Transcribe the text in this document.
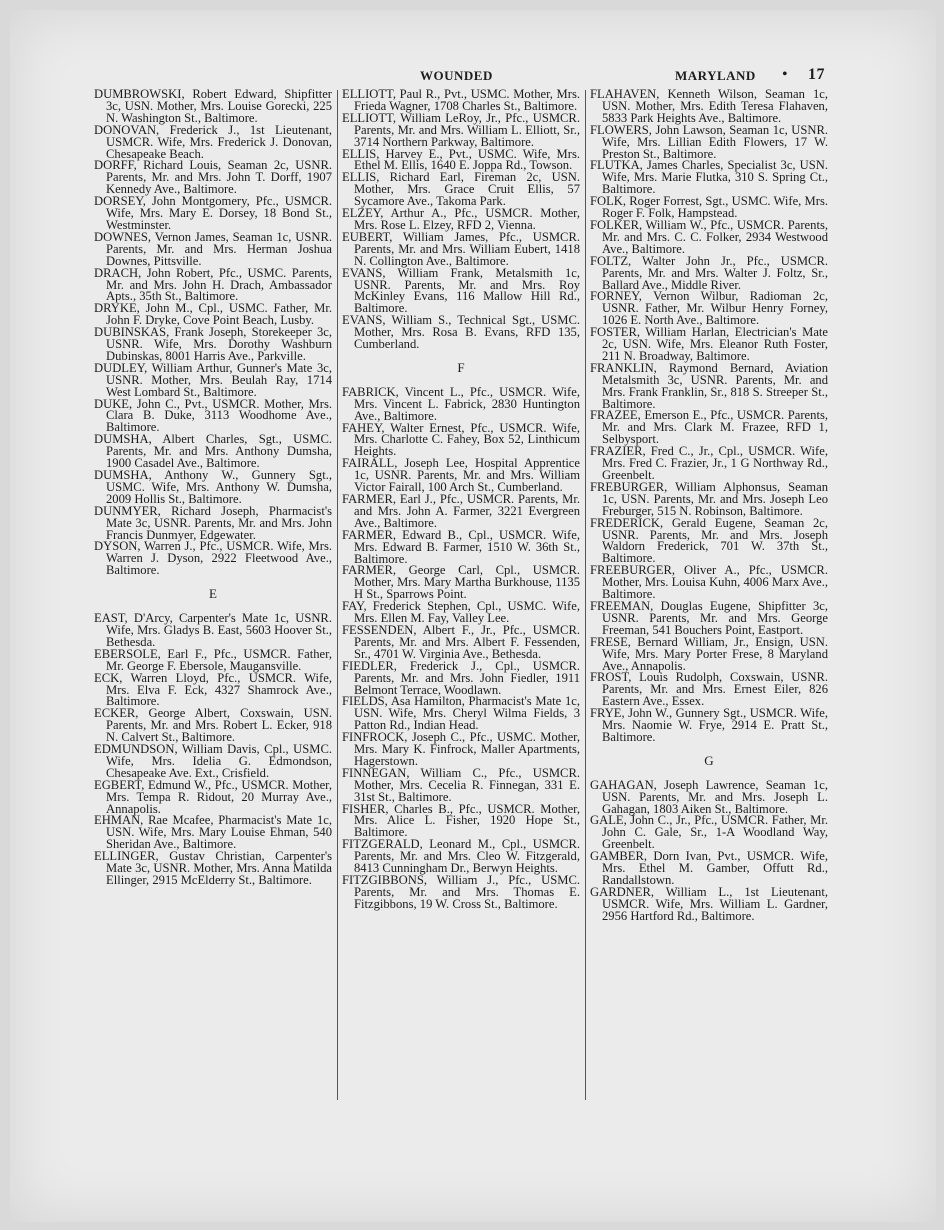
WOUNDED	MARYLAND • 17

DUMBROWSKI, Robert Edward, Shipfitter 3c, USN. Mother, Mrs. Louise Gorecki, 225 N. Washington St., Baltimore.

DONOVAN, Frederick J., 1st Lieutenant, USMCR. Wife, Mrs. Frederick J. Donovan, Chesapeake Beach.

DORFF, Richard Louis, Seaman 2c, USNR. Parents, Mr. and Mrs. John T. Dorff, 1907 Kennedy Ave., Baltimore.

DORSEY, John Montgomery, Pfc., USMCR. Wife, Mrs. Mary E. Dorsey, 18 Bond St., Westminster.

DOWNES, Vernon James, Seaman 1c, USNR. Parents, Mr. and Mrs. Herman Joshua Downes, Pittsville.

DRACH, John Robert, Pfc., USMC. Parents, Mr. and Mrs. John H. Drach, Ambassador Apts., 35th St., Baltimore.

DRYKE, John M., Cpl., USMC. Father, Mr. John F. Dryke, Cove Point Beach, Lusby.

DUBINSKAS, Frank Joseph, Storekeeper 3c, USNR. Wife, Mrs. Dorothy Washburn Dubinskas, 8001 Harris Ave., Parkville.

DUDLEY, William Arthur, Gunner's Mate 3c, USNR. Mother, Mrs. Beulah Ray, 1714 West Lombard St., Baltimore.

DUKE, John C., Pvt., USMCR. Mother, Mrs. Clara B. Duke, 3113 Woodhome Ave., Baltimore.

DUMSHA, Albert Charles, Sgt., USMC. Parents, Mr. and Mrs. Anthony Dumsha, 1900 Casadel Ave., Baltimore.

DUMSHA, Anthony W., Gunnery Sgt., USMC. Wife, Mrs. Anthony W. Dumsha, 2009 Hollis St., Baltimore.

DUNMYER, Richard Joseph, Pharmacist's Mate 3c, USNR. Parents, Mr. and Mrs. John Francis Dunmyer, Edgewater.

DYSON, Warren J., Pfc., USMCR. Wife, Mrs. Warren J. Dyson, 2922 Fleetwood Ave., Baltimore.

E

EAST, D'Arcy, Carpenter's Mate 1c, USNR. Wife, Mrs. Gladys B. East, 5603 Hoover St., Bethesda.

EBERSOLE, Earl F., Pfc., USMCR. Father, Mr. George F. Ebersole, Maugansville.

ECK, Warren Lloyd, Pfc., USMCR. Wife, Mrs. Elva F. Eck, 4327 Shamrock Ave., Baltimore.

ECKER, George Albert, Coxswain, USN. Parents, Mr. and Mrs. Robert L. Ecker, 918 N. Calvert St., Baltimore.

EDMUNDSON, William Davis, Cpl., USMC. Wife, Mrs. Idelia G. Edmondson, Chesapeake Ave. Ext., Crisfield.

EGBERT, Edmund W., Pfc., USMCR. Mother, Mrs. Tempa R. Ridout, 20 Murray Ave., Annapolis.

EHMAN, Rae Mcafee, Pharmacist's Mate 1c, USN. Wife, Mrs. Mary Louise Ehman, 540 Sheridan Ave., Baltimore.

ELLINGER, Gustav Christian, Carpenter's Mate 3c, USNR. Mother, Mrs. Anna Matilda Ellinger, 2915 McElderry St., Baltimore.

ELLIOTT, Paul R., Pvt., USMC. Mother, Mrs. Frieda Wagner, 1708 Charles St., Baltimore.

ELLIOTT, William LeRoy, Jr., Pfc., USMCR. Parents, Mr. and Mrs. William L. Elliott, Sr., 3714 Northern Parkway, Baltimore.

ELLIS, Harvey E., Pvt., USMC. Wife, Mrs. Ethel M. Ellis, 1640 E. Joppa Rd., Towson.

ELLIS, Richard Earl, Fireman 2c, USN. Mother, Mrs. Grace Cruit Ellis, 57 Sycamore Ave., Takoma Park.

ELZEY, Arthur A., Pfc., USMCR. Mother, Mrs. Rose L. Elzey, RFD 2, Vienna.

EUBERT, William James, Pfc., USMCR. Parents, Mr. and Mrs. William Eubert, 1418 N. Collington Ave., Baltimore.

EVANS, William Frank, Metalsmith 1c, USNR. Parents, Mr. and Mrs. Roy McKinley Evans, 116 Mallow Hill Rd., Baltimore.

EVANS, William S., Technical Sgt., USMC. Mother, Mrs. Rosa B. Evans, RFD 135, Cumberland.

F

FABRICK, Vincent L., Pfc., USMCR. Wife, Mrs. Vincent L. Fabrick, 2830 Huntington Ave., Baltimore.

FAHEY, Walter Ernest, Pfc., USMCR. Wife, Mrs. Charlotte C. Fahey, Box 52, Linthicum Heights.

FAIRALL, Joseph Lee, Hospital Apprentice 1c, USNR. Parents, Mr. and Mrs. William Victor Fairall, 100 Arch St., Cumberland.

FARMER, Earl J., Pfc., USMCR. Parents, Mr. and Mrs. John A. Farmer, 3221 Evergreen Ave., Baltimore.

FARMER, Edward B., Cpl., USMCR. Wife, Mrs. Edward B. Farmer, 1510 W. 36th St., Baltimore.

FARMER, George Carl, Cpl., USMCR. Mother, Mrs. Mary Martha Burkhouse, 1135 H St., Sparrows Point.

FAY, Frederick Stephen, Cpl., USMC. Wife, Mrs. Ellen M. Fay, Valley Lee.

FESSENDEN, Albert F., Jr., Pfc., USMCR. Parents, Mr. and Mrs. Albert F. Fessenden, Sr., 4701 W. Virginia Ave., Bethesda.

FIEDLER, Frederick J., Cpl., USMCR. Parents, Mr. and Mrs. John Fiedler, 1911 Belmont Terrace, Woodlawn.

FIELDS, Asa Hamilton, Pharmacist's Mate 1c, USN. Wife, Mrs. Cheryl Wilma Fields, 3 Patton Rd., Indian Head.

FINFROCK, Joseph C., Pfc., USMC. Mother, Mrs. Mary K. Finfrock, Maller Apartments, Hagerstown.

FINNEGAN, William C., Pfc., USMCR. Mother, Mrs. Cecelia R. Finnegan, 331 E. 31st St., Baltimore.

FISHER, Charles B., Pfc., USMCR. Mother, Mrs. Alice L. Fisher, 1920 Hope St., Baltimore.

FITZGERALD, Leonard M., Cpl., USMCR. Parents, Mr. and Mrs. Cleo W. Fitzgerald, 8413 Cunningham Dr., Berwyn Heights.

FITZGIBBONS, William J., Pfc., USMC. Parents, Mr. and Mrs. Thomas E. Fitzgibbons, 19 W. Cross St., Baltimore.

FLAHAVEN, Kenneth Wilson, Seaman 1c, USN. Mother, Mrs. Edith Teresa Flahaven, 5833 Park Heights Ave., Baltimore.

FLOWERS, John Lawson, Seaman 1c, USNR. Wife, Mrs. Lillian Edith Flowers, 17 W. Preston St., Baltimore.

FLUTKA, James Charles, Specialist 3c, USN. Wife, Mrs. Marie Flutka, 310 S. Spring Ct., Baltimore.

FOLK, Roger Forrest, Sgt., USMC. Wife, Mrs. Roger F. Folk, Hampstead.

FOLKER, William W., Pfc., USMCR. Parents, Mr. and Mrs. C. C. Folker, 2934 Westwood Ave., Baltimore.

FOLTZ, Walter John Jr., Pfc., USMCR. Parents, Mr. and Mrs. Walter J. Foltz, Sr., Ballard Ave., Middle River.

FORNEY, Vernon Wilbur, Radioman 2c, USNR. Father, Mr. Wilbur Henry Forney, 1026 E. North Ave., Baltimore.

FOSTER, William Harlan, Electrician's Mate 2c, USN. Wife, Mrs. Eleanor Ruth Foster, 211 N. Broadway, Baltimore.

FRANKLIN, Raymond Bernard, Aviation Metalsmith 3c, USNR. Parents, Mr. and Mrs. Frank Franklin, Sr., 818 S. Streeper St., Baltimore.

FRAZEE, Emerson E., Pfc., USMCR. Parents, Mr. and Mrs. Clark M. Frazee, RFD 1, Selbysport.

FRAZIER, Fred C., Jr., Cpl., USMCR. Wife, Mrs. Fred C. Frazier, Jr., 1 G Northway Rd., Greenbelt.

FREBURGER, William Alphonsus, Seaman 1c, USN. Parents, Mr. and Mrs. Joseph Leo Freburger, 515 N. Robinson, Baltimore.

FREDERICK, Gerald Eugene, Seaman 2c, USNR. Parents, Mr. and Mrs. Joseph Waldorn Frederick, 701 W. 37th St., Baltimore.

FREEBURGER, Oliver A., Pfc., USMCR. Mother, Mrs. Louisa Kuhn, 4006 Marx Ave., Baltimore.

FREEMAN, Douglas Eugene, Shipfitter 3c, USNR. Parents, Mr. and Mrs. George Freeman, 541 Bouchers Point, Eastport.

FRESE, Bernard William, Jr., Ensign, USN. Wife, Mrs. Mary Porter Frese, 8 Maryland Ave., Annapolis.

FROST, Louis Rudolph, Coxswain, USNR. Parents, Mr. and Mrs. Ernest Eiler, 826 Eastern Ave., Essex.

FRYE, John W., Gunnery Sgt., USMCR. Wife, Mrs. Naomie W. Frye, 2914 E. Pratt St., Baltimore.

G

GAHAGAN, Joseph Lawrence, Seaman 1c, USN. Parents, Mr. and Mrs. Joseph L. Gahagan, 1803 Aiken St., Baltimore.

GALE, John C., Jr., Pfc., USMCR. Father, Mr. John C. Gale, Sr., 1-A Woodland Way, Greenbelt.

GAMBER, Dorn Ivan, Pvt., USMCR. Wife, Mrs. Ethel M. Gamber, Offutt Rd., Randallstown.

GARDNER, William L., 1st Lieutenant, USMCR. Wife, Mrs. William L. Gardner, 2956 Hartford Rd., Baltimore.
